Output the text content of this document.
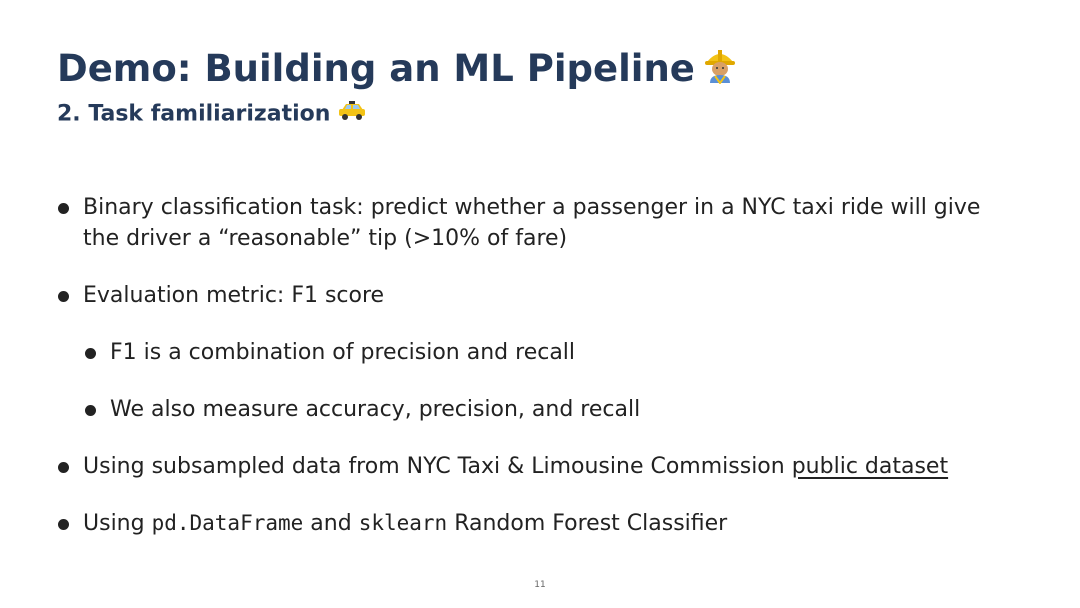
Demo: Building an ML Pipeline
2. Task familiarization
Binary classification task: predict whether a passenger in a NYC taxi ride will give
the driver a “reasonable” tip (>10% of fare)
Evaluation metric: F1 score
F1 is a combination of precision and recall
We also measure accuracy, precision, and recall
Using subsampled data from NYC Taxi & Limousine Commission public dataset
Using pd.DataFrame and sklearn Random Forest Classifier
11
